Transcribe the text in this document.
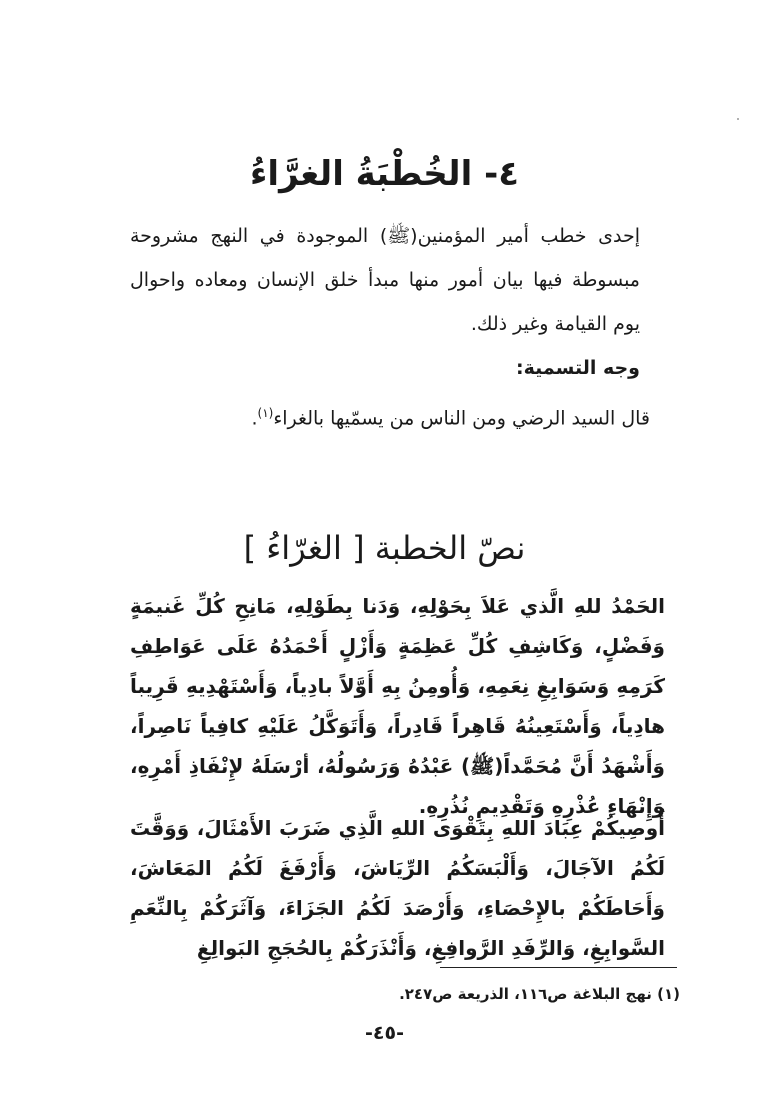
٤- الخُطْبَةُ الغرَّاءُ
إحدى خطب أمير المؤمنين(ﷺ) الموجودة في النهج مشروحة مبسوطة فيها بيان أمور منها مبدأ خلق الإنسان ومعاده واحوال يوم القيامة وغير ذلك.
وجه التسمية:
قال السيد الرضي ومن الناس من يسمّيها بالغراء$^{(١)}$.
نصّ الخطبة [ الغرّاءُ ]
الحَمْدُ للهِ الَّذي عَلاَ بِحَوْلِهِ، وَدَنا بِطَوْلِهِ، مَانِحِ كُلِّ غَنيمَةٍ وَفَضْلٍ، وَكَاشِفِ كُلِّ عَظِمَةٍ وَأَزْلٍ أَحْمَدُهُ عَلَى عَوَاطِفِ كَرَمِهِ وَسَوَابِغِ نِعَمِهِ، وَأُومِنُ بِهِ أَوَّلاً بادِياً، وَأَسْتَهْدِيهِ قَرِيباً هادِياً، وَأَسْتَعِينُهُ قَاهِراً قَادِراً، وَأَتَوَكَّلُ عَلَيْهِ كافِياً نَاصِراً، وَأَشْهَدُ أَنَّ مُحَمَّداً(ﷺ) عَبْدُهُ وَرَسُولُهُ، أرْسَلَهُ لإِنْفَاذِ أَمْرِهِ، وَإِنْهَاءِ عُذْرِهِ وَتَقْدِيمِ نُذُرِهِ.
أُوصِيكُمْ عِبَادَ اللهِ بِتَقْوَى اللهِ الَّذِي ضَرَبَ الأَمْثَالَ، وَوَقَّتَ لَكُمُ الآجَالَ، وَأَلْبَسَكُمُ الرِّيَاشَ، وَأَرْفَغَ لَكُمُ المَعَاشَ، وَأَحَاطَكُمْ بالإِحْصَاءِ، وَأَرْصَدَ لَكُمُ الجَزَاءَ، وَآثَرَكُمْ بِالنِّعَمِ السَّوابِغِ، وَالرِّفَدِ الرَّوافِغِ، وَأَنْذَرَكُمْ بِالحُجَجِ البَوالِغِ
(١) نهج البلاغة ص١١٦، الذريعة ص٢٤٧.
-٤٥-
